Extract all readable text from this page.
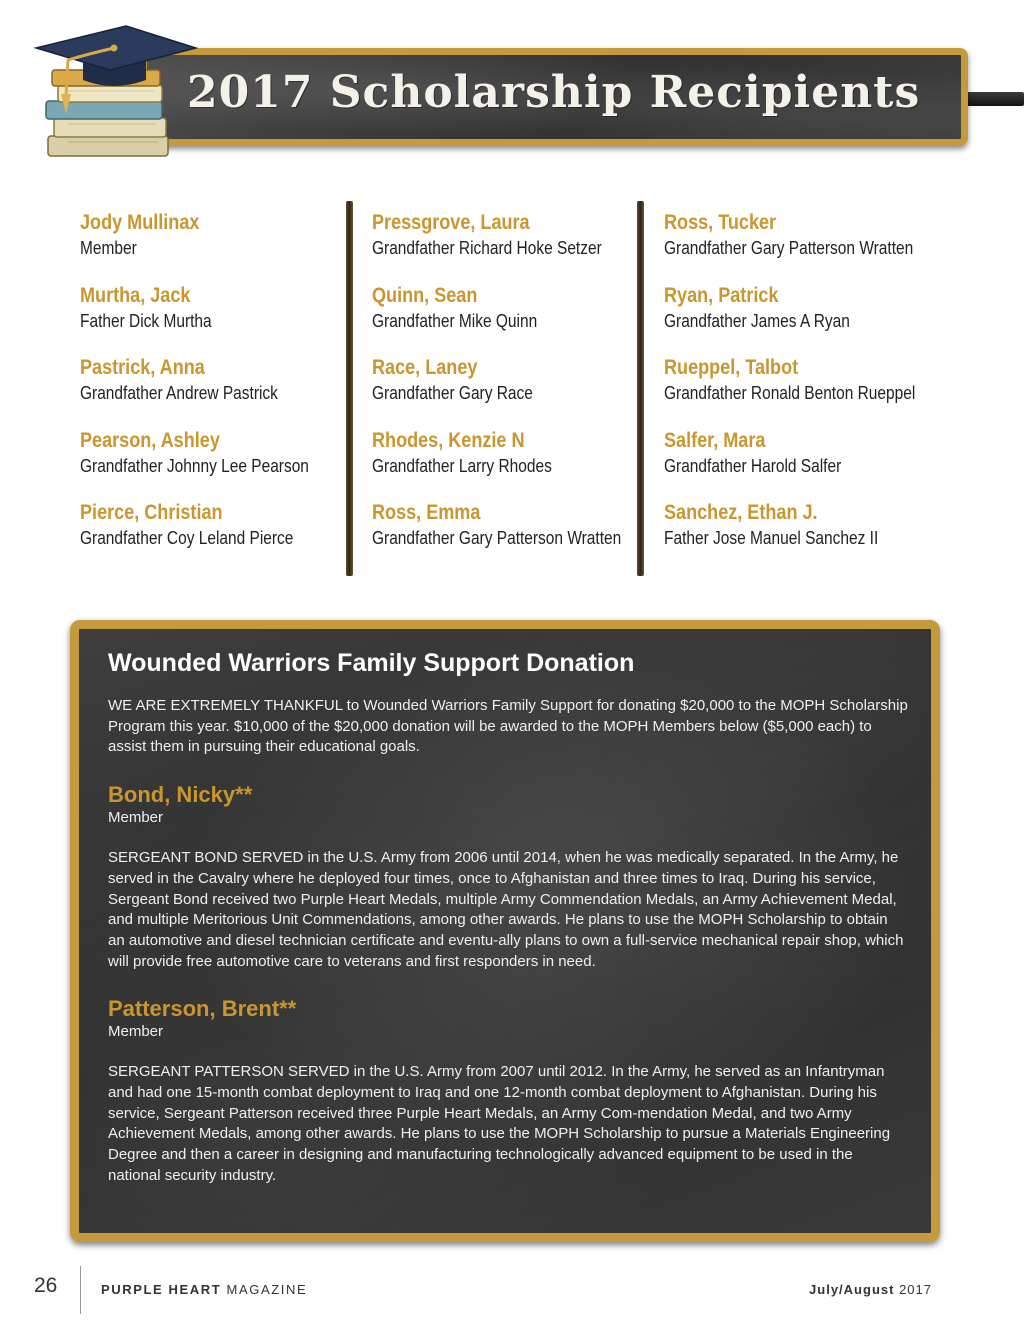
2017 Scholarship Recipients
Jody Mullinax
Member
Murtha, Jack
Father Dick Murtha
Pastrick, Anna
Grandfather Andrew Pastrick
Pearson, Ashley
Grandfather Johnny Lee Pearson
Pierce, Christian
Grandfather Coy Leland Pierce
Pressgrove, Laura
Grandfather Richard Hoke Setzer
Quinn, Sean
Grandfather Mike Quinn
Race, Laney
Grandfather Gary Race
Rhodes, Kenzie N
Grandfather Larry Rhodes
Ross, Emma
Grandfather Gary Patterson Wratten
Ross, Tucker
Grandfather Gary Patterson Wratten
Ryan, Patrick
Grandfather James A Ryan
Rueppel, Talbot
Grandfather Ronald Benton Rueppel
Salfer, Mara
Grandfather Harold Salfer
Sanchez, Ethan J.
Father Jose Manuel Sanchez II
Wounded Warriors Family Support Donation

WE ARE EXTREMELY THANKFUL to Wounded Warriors Family Support for donating $20,000 to the MOPH Scholarship Program this year. $10,000 of the $20,000 donation will be awarded to the MOPH Members below ($5,000 each) to assist them in pursuing their educational goals.

Bond, Nicky**
Member

SERGEANT BOND SERVED in the U.S. Army from 2006 until 2014, when he was medically separated. In the Army, he served in the Cavalry where he deployed four times, once to Afghanistan and three times to Iraq. During his service, Sergeant Bond received two Purple Heart Medals, multiple Army Commendation Medals, an Army Achievement Medal, and multiple Meritorious Unit Commendations, among other awards. He plans to use the MOPH Scholarship to obtain an automotive and diesel technician certificate and eventu-ally plans to own a full-service mechanical repair shop, which will provide free automotive care to veterans and first responders in need.

Patterson, Brent**
Member

SERGEANT PATTERSON SERVED in the U.S. Army from 2007 until 2012. In the Army, he served as an Infantryman and had one 15-month combat deployment to Iraq and one 12-month combat deployment to Afghanistan. During his service, Sergeant Patterson received three Purple Heart Medals, an Army Com-mendation Medal, and two Army Achievement Medals, among other awards. He plans to use the MOPH Scholarship to pursue a Materials Engineering Degree and then a career in designing and manufacturing technologically advanced equipment to be used in the national security industry.

26	PURPLE HEART MAGAZINE	July/August 2017
